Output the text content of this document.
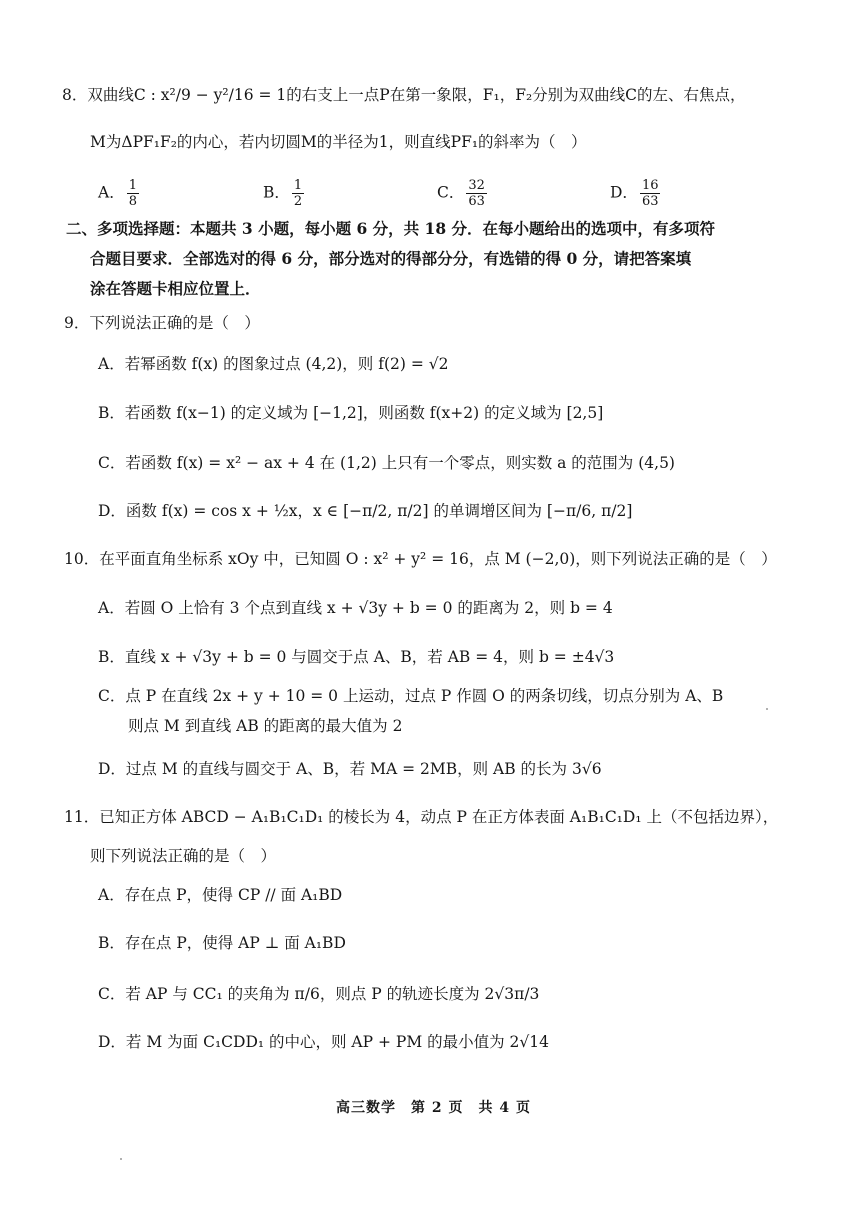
8．双曲线C : x²/9 − y²/16 = 1的右支上一点P在第一象限，F₁，F₂分别为双曲线C的左、右焦点，
M为ΔPF₁F₂的内心，若内切圆M的半径为1，则直线PF₁的斜率为（　）
A． $\frac{1}{8}$	B． $\frac{1}{2}$	C． $\frac{32}{63}$	D． $\frac{16}{63}$
二、多项选择题：本题共 3 小题，每小题 6 分，共 18 分．在每小题给出的选项中，有多项符
合题目要求．全部选对的得 6 分，部分选对的得部分分，有选错的得 0 分，请把答案填
涂在答题卡相应位置上．
9．下列说法正确的是（　）
A．若幂函数 f(x) 的图象过点 (4,2)，则 f(2) = √2
B．若函数 f(x−1) 的定义域为 [−1,2]，则函数 f(x+2) 的定义域为 [2,5]
C．若函数 f(x) = x² − ax + 4 在 (1,2) 上只有一个零点，则实数 a 的范围为 (4,5)
D．函数 f(x) = cos x + ½x，x ∈ [−π/2, π/2] 的单调增区间为 [−π/6, π/2]
10．在平面直角坐标系 xOy 中，已知圆 O : x² + y² = 16，点 M (−2,0)，则下列说法正确的是（　）
A．若圆 O 上恰有 3 个点到直线 x + √3y + b = 0 的距离为 2，则 b = 4
B．直线 x + √3y + b = 0 与圆交于点 A、B，若 AB = 4，则 b = ±4√3
C．点 P 在直线 2x + y + 10 = 0 上运动，过点 P 作圆 O 的两条切线，切点分别为 A、B
则点 M 到直线 AB 的距离的最大值为 2
D．过点 M 的直线与圆交于 A、B，若 MA = 2MB，则 AB 的长为 3√6
11．已知正方体 ABCD − A₁B₁C₁D₁ 的棱长为 4，动点 P 在正方体表面 A₁B₁C₁D₁ 上（不包括边界），
则下列说法正确的是（　）
A．存在点 P，使得 CP // 面 A₁BD
B．存在点 P，使得 AP ⊥ 面 A₁BD
C．若 AP 与 CC₁ 的夹角为 π/6，则点 P 的轨迹长度为 2√3π/3
D．若 M 为面 C₁CDD₁ 的中心，则 AP + PM 的最小值为 2√14
高三数学　第 2 页　共 4 页
